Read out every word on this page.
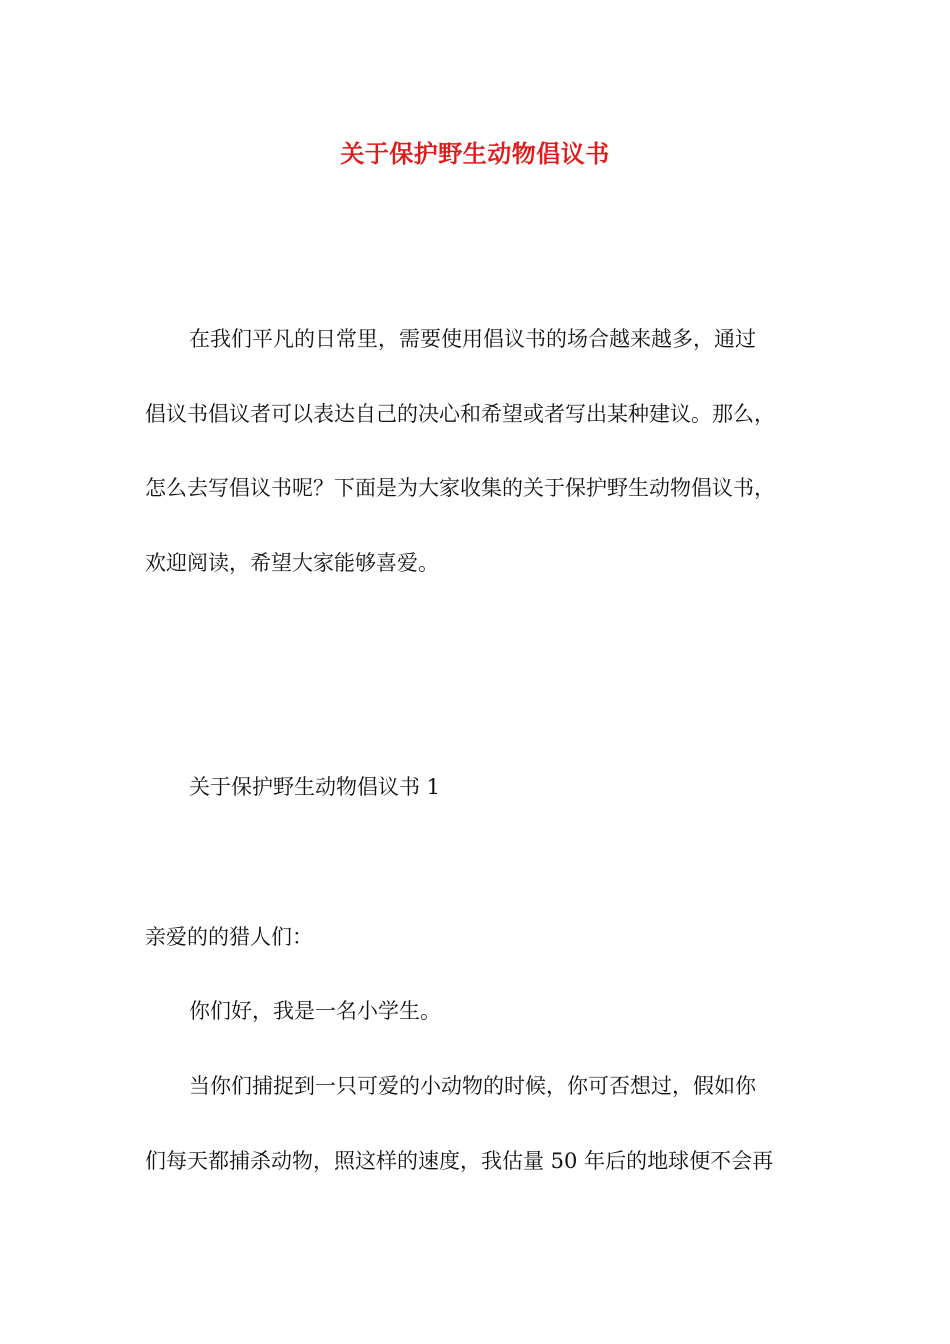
关于保护野生动物倡议书
在我们平凡的日常里，需要使用倡议书的场合越来越多，通过
倡议书倡议者可以表达自己的决心和希望或者写出某种建议。那么，
怎么去写倡议书呢？下面是为大家收集的关于保护野生动物倡议书，
欢迎阅读，希望大家能够喜爱。
关于保护野生动物倡议书 1
亲爱的的猎人们：
你们好，我是一名小学生。
当你们捕捉到一只可爱的小动物的时候，你可否想过，假如你
们每天都捕杀动物，照这样的速度，我估量 50 年后的地球便不会再
